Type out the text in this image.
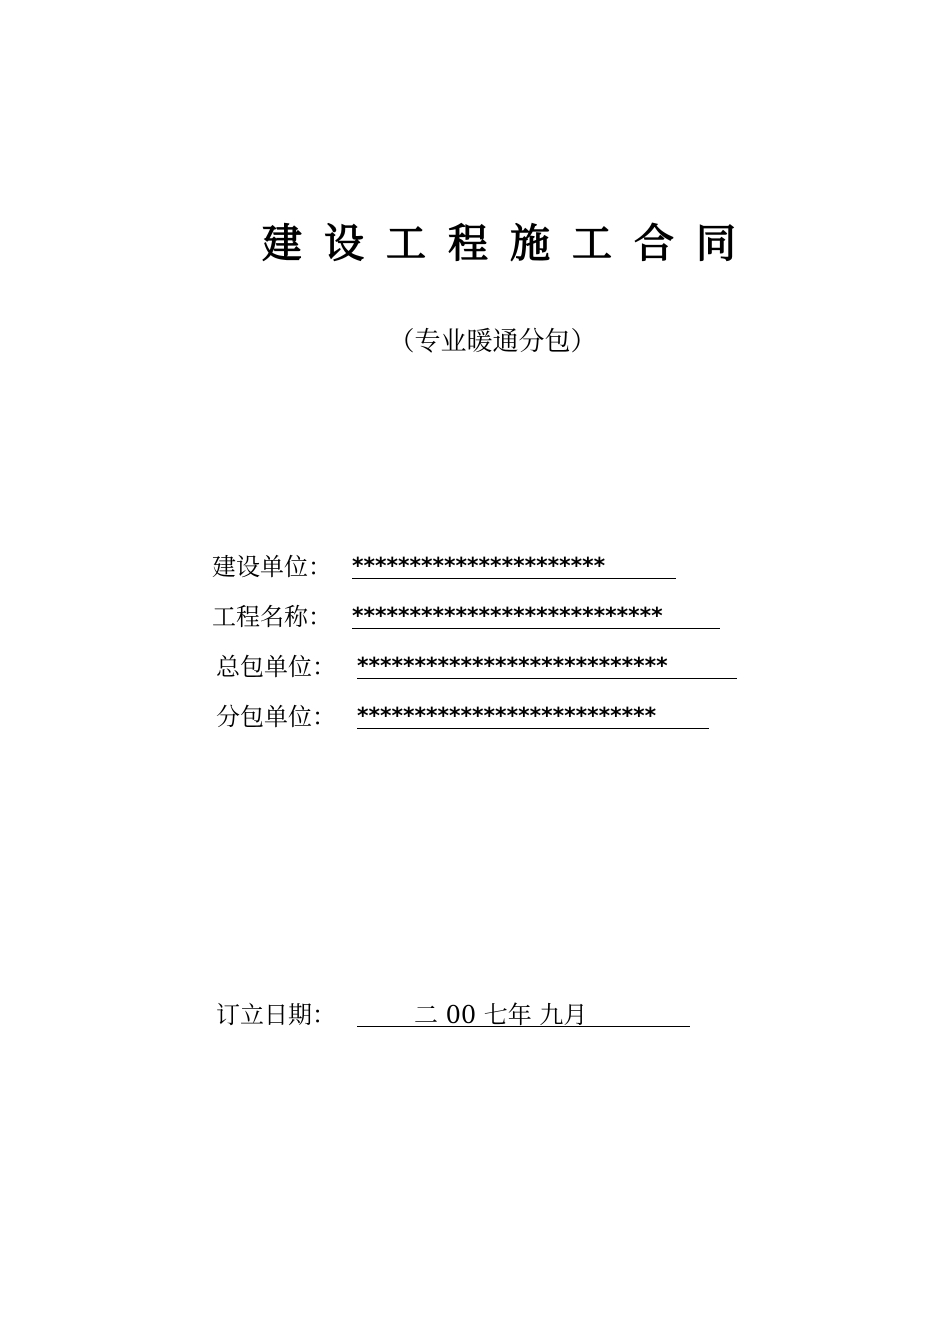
建设工程施工合同
（专业暖通分包）
建设单位： **********************
工程名称： ***************************
总包单位： ***************************
分包单位： **************************
订立日期：	二 00 七年 九月
